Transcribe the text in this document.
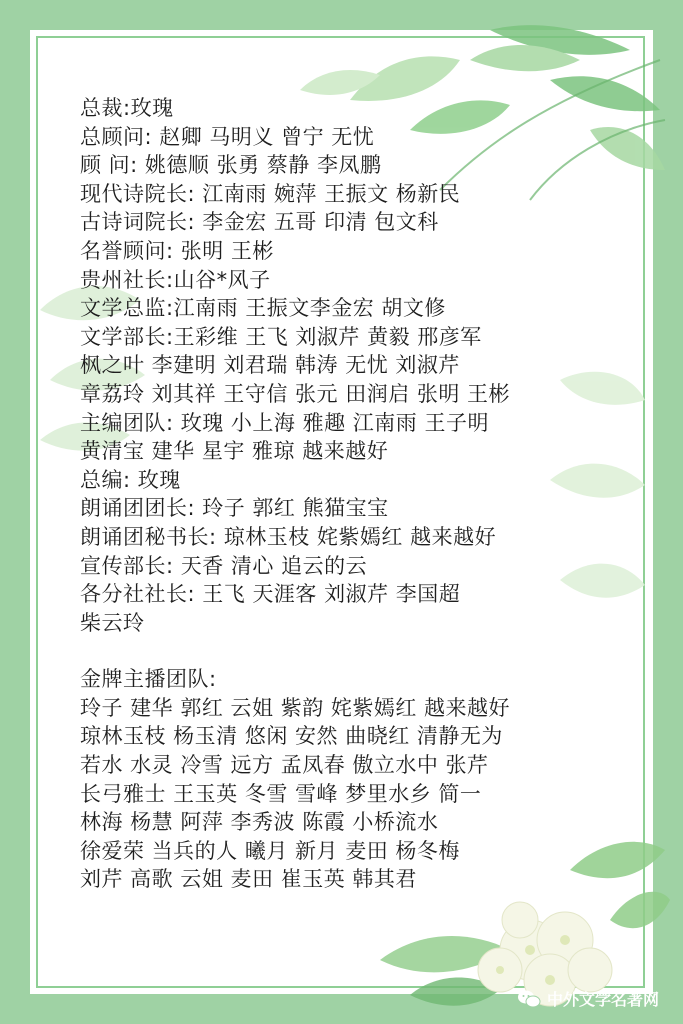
总裁:玫瑰
总顾问: 赵卿 马明义 曾宁 无忧
顾 问: 姚德顺 张勇 蔡静 李凤鹏
现代诗院长: 江南雨 婉萍 王振文 杨新民
古诗词院长: 李金宏 五哥 印清 包文科
名誉顾问: 张明 王彬
贵州社长:山谷*风子
文学总监:江南雨 王振文李金宏 胡文修
文学部长:王彩维 王飞 刘淑芹 黄毅 邢彦军
枫之叶 李建明 刘君瑞 韩涛 无忧 刘淑芹
章荔玲 刘其祥 王守信 张元 田润启 张明 王彬
主编团队: 玫瑰 小上海 雅趣 江南雨 王子明
黄清宝 建华 星宇 雅琼 越来越好
总编: 玫瑰
朗诵团团长: 玲子 郭红 熊猫宝宝
朗诵团秘书长: 琼林玉枝 姹紫嫣红 越来越好
宣传部长: 天香 清心 追云的云
各分社社长: 王飞 天涯客 刘淑芹 李国超
柴云玲
金牌主播团队:
玲子 建华 郭红 云姐 紫韵 姹紫嫣红 越来越好
琼林玉枝 杨玉清 悠闲 安然 曲晓红 清静无为
若水 水灵 冷雪 远方 孟凤春 傲立水中 张芹
长弓雅士 王玉英 冬雪 雪峰 梦里水乡 简一
林海 杨慧 阿萍 李秀波 陈霞 小桥流水
徐爱荣 当兵的人 曦月 新月 麦田 杨冬梅
刘芹 高歌 云姐 麦田 崔玉英 韩其君
中外文学名著网
